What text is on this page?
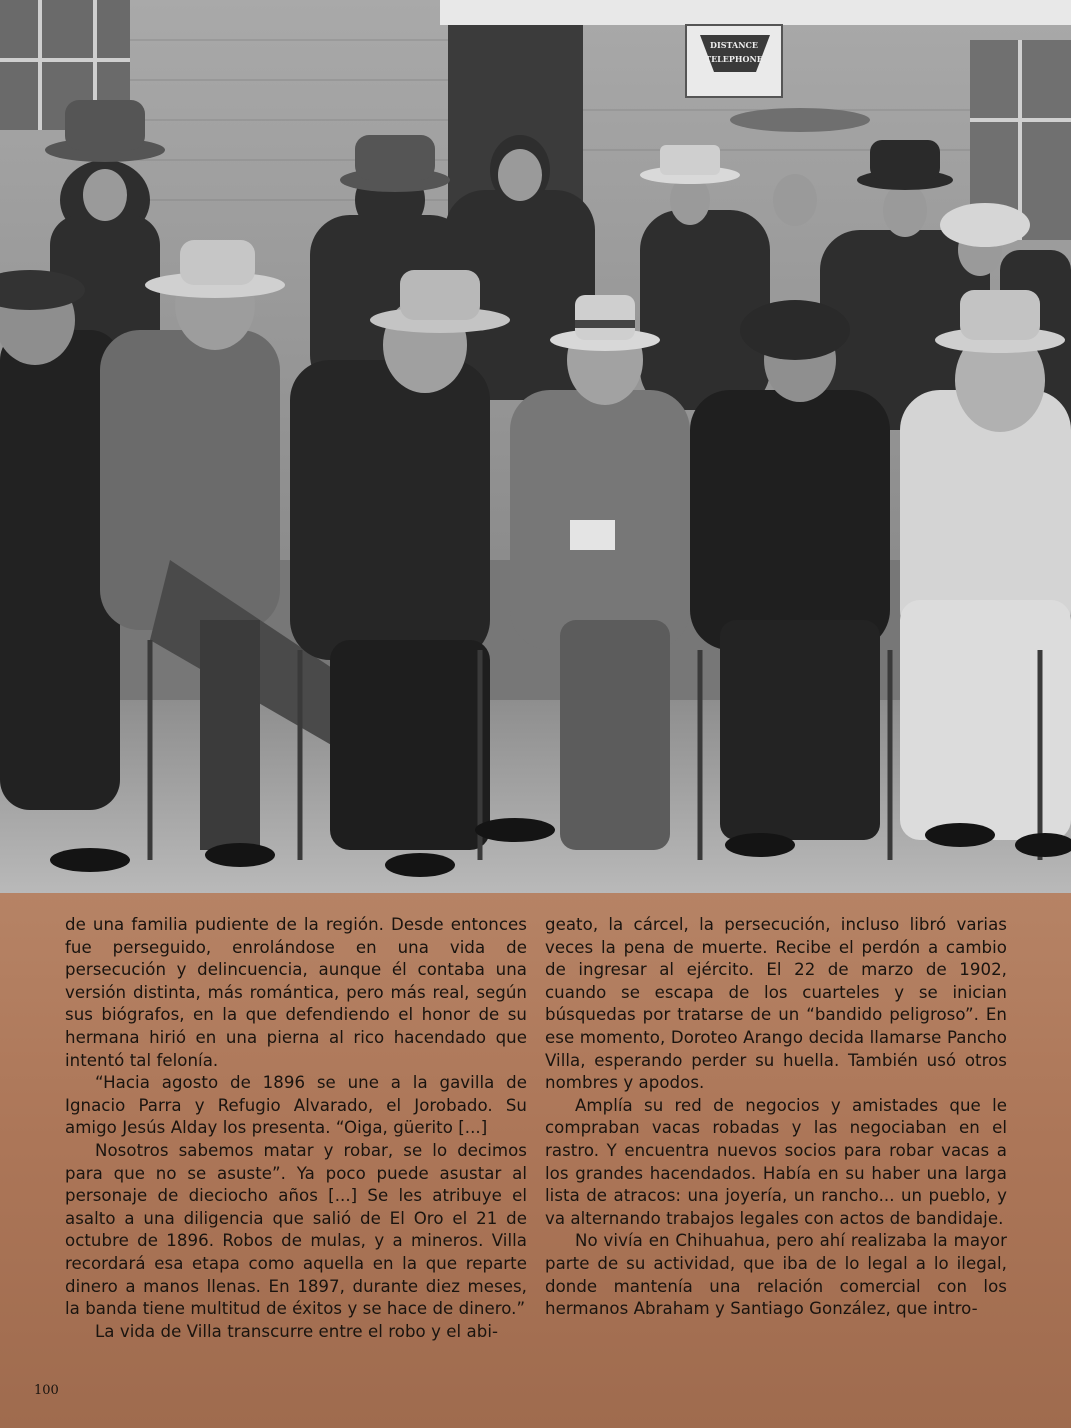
DISTANCE
TELEPHONE

de una familia pudiente de la región. Desde entonces fue perseguido, enrolándose en una vida de persecución y delincuencia, aunque él contaba una versión distinta, más romántica, pero más real, según sus biógrafos, en la que defendiendo el honor de su hermana hirió en una pierna al rico hacendado que intentó tal felonía.

“Hacia agosto de 1896 se une a la gavilla de Ignacio Parra y Refugio Alvarado, el Jorobado. Su amigo Jesús Alday los presenta. “Oiga, güerito [...]

Nosotros sabemos matar y robar, se lo decimos para que no se asuste”. Ya poco puede asustar al personaje de dieciocho años [...] Se les atribuye el asalto a una diligencia que salió de El Oro el 21 de octubre de 1896. Robos de mulas, y a mineros. Villa recordará esa etapa como aquella en la que reparte dinero a manos llenas. En 1897, durante diez meses, la banda tiene multitud de éxitos y se hace de dinero.”

La vida de Villa transcurre entre el robo y el abi-

geato, la cárcel, la persecución, incluso libró varias veces la pena de muerte. Recibe el perdón a cambio de ingresar al ejército. El 22 de marzo de 1902, cuando se escapa de los cuarteles y se inician búsquedas por tratarse de un “bandido peligroso”. En ese momento, Doroteo Arango decida llamarse Pancho Villa, esperando perder su huella. También usó otros nombres y apodos.

Amplía su red de negocios y amistades que le compraban vacas robadas y las negociaban en el rastro. Y encuentra nuevos socios para robar vacas a los grandes hacendados. Había en su haber una larga lista de atracos: una joyería, un rancho... un pueblo, y va alternando trabajos legales con actos de bandidaje.

No vivía en Chihuahua, pero ahí realizaba la mayor parte de su actividad, que iba de lo legal a lo ilegal, donde mantenía una relación comercial con los hermanos Abraham y Santiago González, que intro-

100
